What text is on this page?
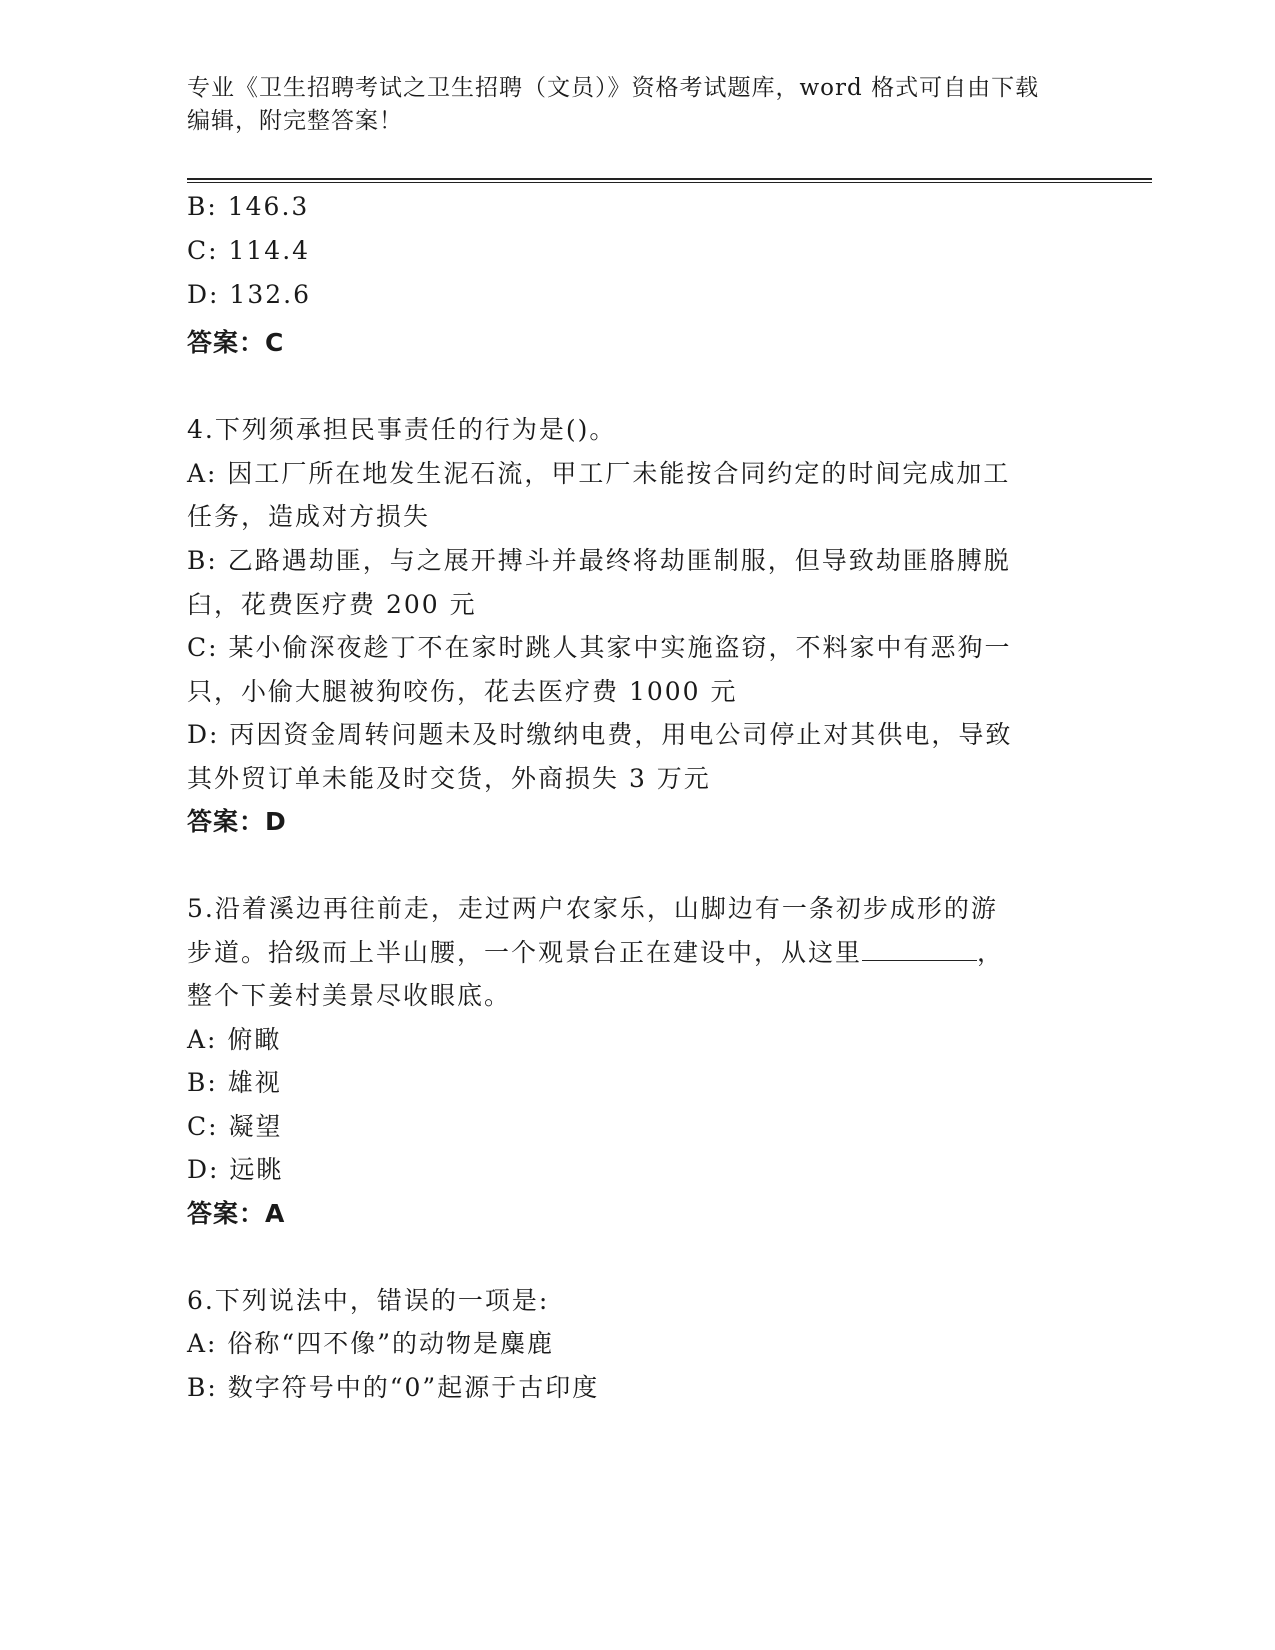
专业《卫生招聘考试之卫生招聘（文员）》资格考试题库，word 格式可自由下载
编辑，附完整答案！
B: 146.3
C: 114.4
D: 132.6
答案：C
4.下列须承担民事责任的行为是()。
A: 因工厂所在地发生泥石流，甲工厂未能按合同约定的时间完成加工
任务，造成对方损失
B: 乙路遇劫匪，与之展开搏斗并最终将劫匪制服，但导致劫匪胳膊脱
臼，花费医疗费 200 元
C: 某小偷深夜趁丁不在家时跳人其家中实施盗窃，不料家中有恶狗一
只，小偷大腿被狗咬伤，花去医疗费 1000 元
D: 丙因资金周转问题未及时缴纳电费，用电公司停止对其供电，导致
其外贸订单未能及时交货，外商损失 3 万元
答案：D
5.沿着溪边再往前走，走过两户农家乐，山脚边有一条初步成形的游
步道。拾级而上半山腰，一个观景台正在建设中，从这里	，
整个下姜村美景尽收眼底。
A: 俯瞰
B: 雄视
C: 凝望
D: 远眺
答案：A
6.下列说法中，错误的一项是:
A: 俗称“四不像”的动物是麋鹿
B: 数字符号中的“0”起源于古印度
